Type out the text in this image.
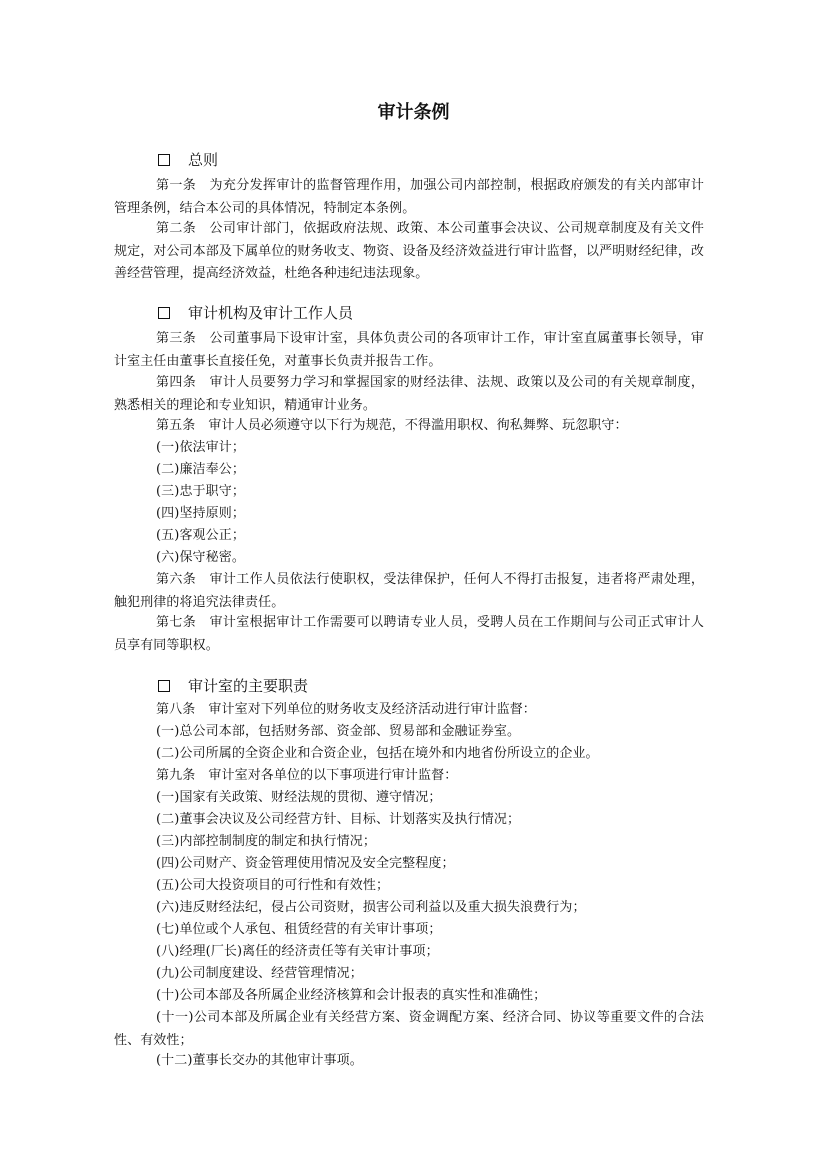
审计条例
总则

第一条　为充分发挥审计的监督管理作用，加强公司内部控制，根据政府颁发的有关内部审计管理条例，结合本公司的具体情况，特制定本条例。

第二条　公司审计部门，依据政府法规、政策、本公司董事会决议、公司规章制度及有关文件规定，对公司本部及下属单位的财务收支、物资、设备及经济效益进行审计监督，以严明财经纪律，改善经营管理，提高经济效益，杜绝各种违纪违法现象。

审计机构及审计工作人员

第三条　公司董事局下设审计室，具体负责公司的各项审计工作，审计室直属董事长领导，审计室主任由董事长直接任免，对董事长负责并报告工作。

第四条　审计人员要努力学习和掌握国家的财经法律、法规、政策以及公司的有关规章制度，熟悉相关的理论和专业知识，精通审计业务。

第五条　审计人员必须遵守以下行为规范，不得滥用职权、徇私舞弊、玩忽职守：

(一)依法审计；

(二)廉洁奉公；

(三)忠于职守；

(四)坚持原则；

(五)客观公正；

(六)保守秘密。

第六条　审计工作人员依法行使职权，受法律保护，任何人不得打击报复，违者将严肃处理，触犯刑律的将追究法律责任。

第七条　审计室根据审计工作需要可以聘请专业人员，受聘人员在工作期间与公司正式审计人员享有同等职权。

审计室的主要职责

第八条　审计室对下列单位的财务收支及经济活动进行审计监督：

(一)总公司本部，包括财务部、资金部、贸易部和金融证券室。

(二)公司所属的全资企业和合资企业，包括在境外和内地省份所设立的企业。

第九条　审计室对各单位的以下事项进行审计监督：

(一)国家有关政策、财经法规的贯彻、遵守情况；

(二)董事会决议及公司经营方针、目标、计划落实及执行情况；

(三)内部控制制度的制定和执行情况；

(四)公司财产、资金管理使用情况及安全完整程度；

(五)公司大投资项目的可行性和有效性；

(六)违反财经法纪，侵占公司资财，损害公司利益以及重大损失浪费行为；

(七)单位或个人承包、租赁经营的有关审计事项；

(八)经理(厂长)离任的经济责任等有关审计事项；

(九)公司制度建设、经营管理情况；

(十)公司本部及各所属企业经济核算和会计报表的真实性和准确性；

(十一)公司本部及所属企业有关经营方案、资金调配方案、经济合同、协议等重要文件的合法性、有效性；

(十二)董事长交办的其他审计事项。
